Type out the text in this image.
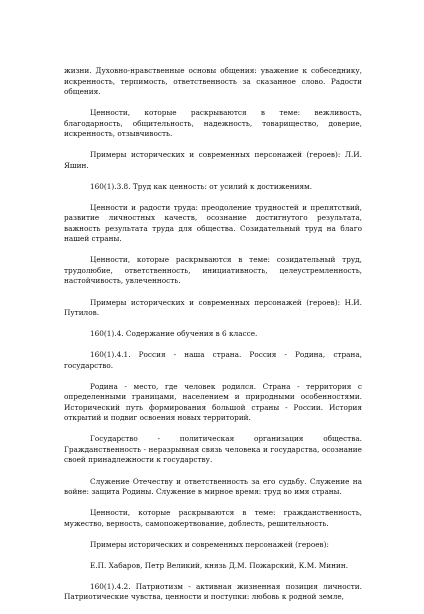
жизни. Духовно-нравственные основы общения: уважение к собеседнику, искренность, терпимость, ответственность за сказанное слово. Радости общения.

Ценности, которые раскрываются в теме: вежливость, благодарность, общительность, надежность, товарищество, доверие, искренность, отзывчивость.

Примеры исторических и современных персонажей (героев): Л.И. Яшин.

160(1).3.8. Труд как ценность: от усилий к достижениям.

Ценности и радости труда: преодоление трудностей и препятствий, развитие личностных качеств, осознание достигнутого результата, важность результата труда для общества. Созидательный труд на благо нашей страны.

Ценности, которые раскрываются в теме: созидательный труд, трудолюбие, ответственность, инициативность, целеустремленность, настойчивость, увлеченность.

Примеры исторических и современных персонажей (героев): Н.И. Путилов.

160(1).4. Содержание обучения в 6 классе.

160(1).4.1. Россия - наша страна. Россия - Родина, страна, государство.

Родина - место, где человек родился. Страна - территория с определенными границами, населением и природными особенностями. Исторический путь формирования большой страны - России. История открытий и подвиг освоения новых территорий.

Государство - политическая организация общества. Гражданственность - неразрывная связь человека и государства, осознание своей принадлежности к государству.

Служение Отечеству и ответственность за его судьбу. Служение на войне: защита Родины. Служение в мирное время: труд во имя страны.

Ценности, которые раскрываются в теме: гражданственность, мужество, верность, самопожертвование, доблесть, решительность.

Примеры исторических и современных персонажей (героев):

Е.П. Хабаров, Петр Великий, князь Д.М. Пожарский, К.М. Минин.

160(1).4.2. Патриотизм - активная жизненная позиция личности. Патриотические чувства, ценности и поступки: любовь к родной земле,
